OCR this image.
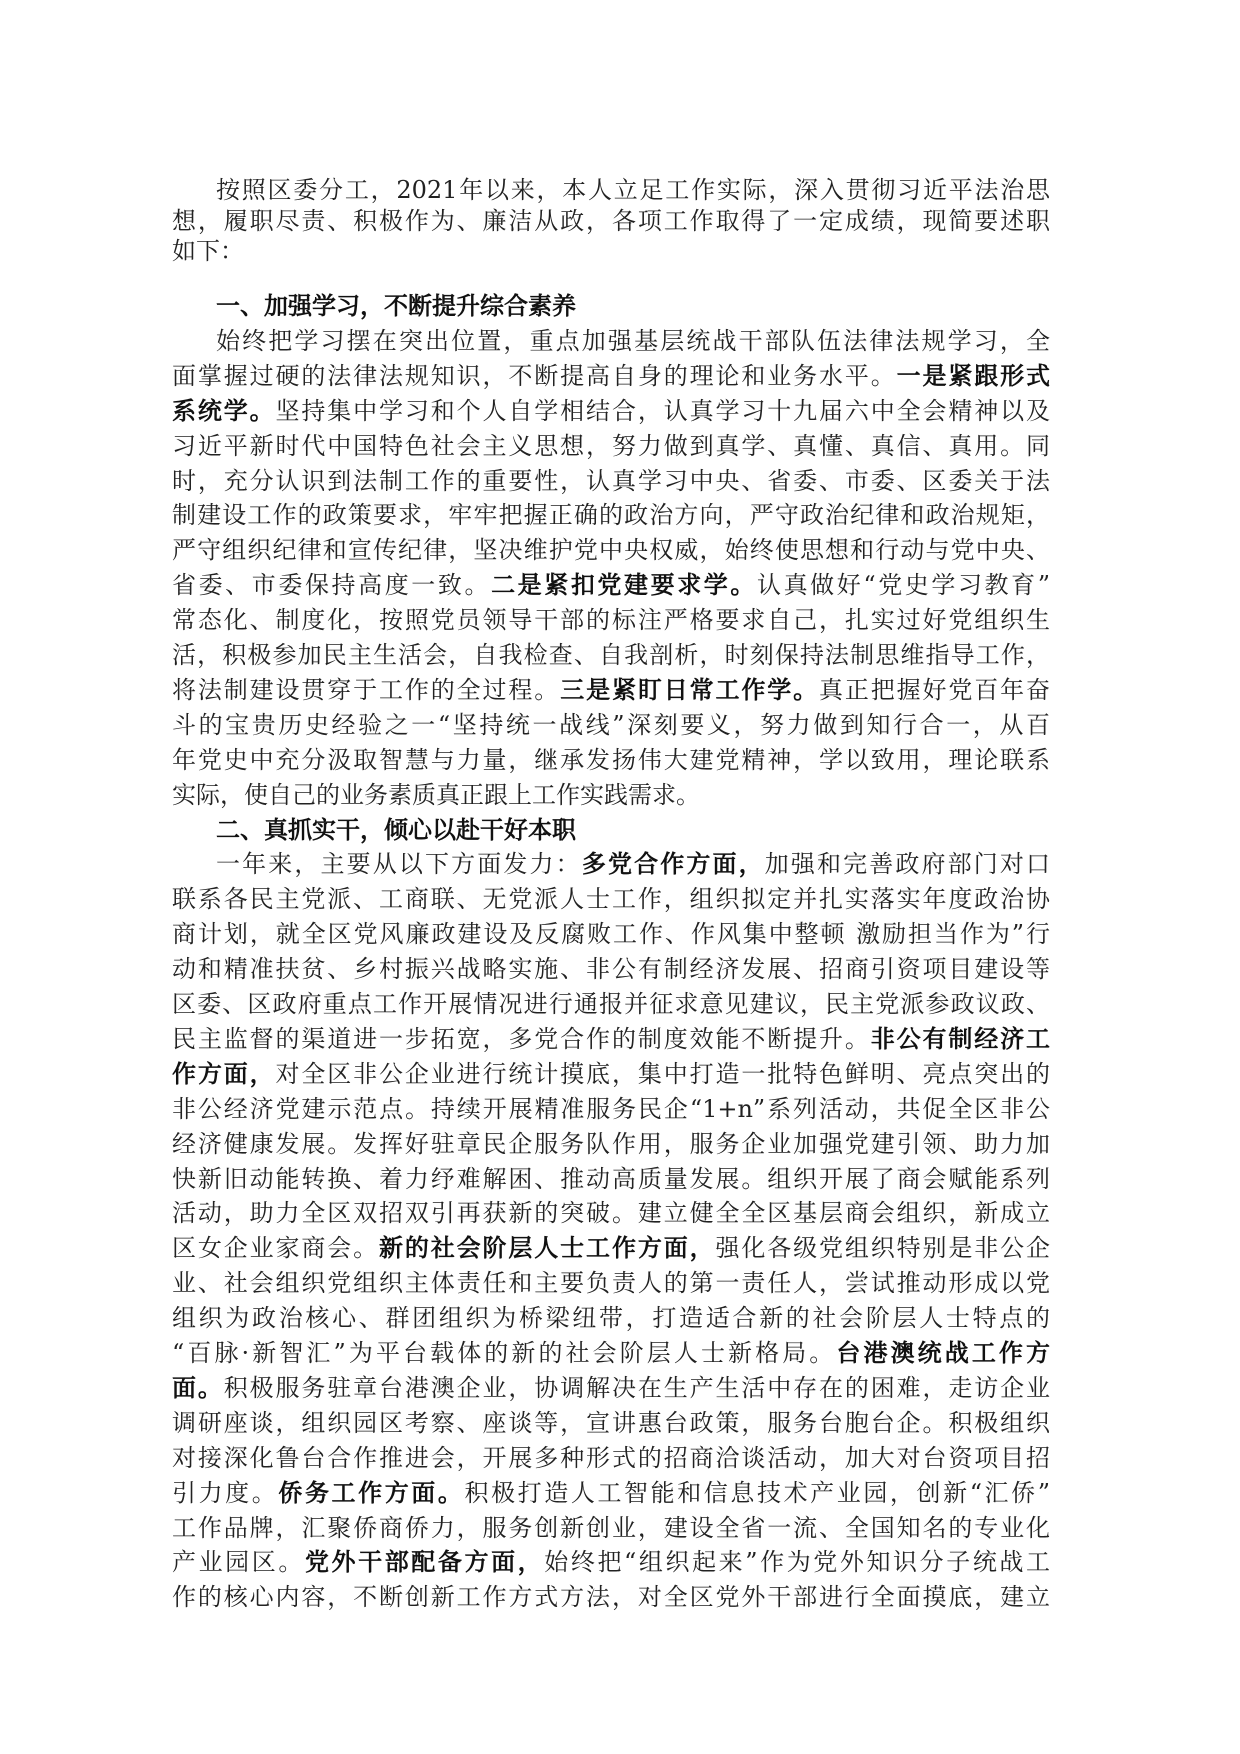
按照区委分工，2021年以来，本人立足工作实际，深入贯彻习近平法治思
想，履职尽责、积极作为、廉洁从政，各项工作取得了一定成绩，现简要述职
如下：
一、加强学习，不断提升综合素养
始终把学习摆在突出位置，重点加强基层统战干部队伍法律法规学习，全
面掌握过硬的法律法规知识，不断提高自身的理论和业务水平。一是紧跟形式
系统学。坚持集中学习和个人自学相结合，认真学习十九届六中全会精神以及
习近平新时代中国特色社会主义思想，努力做到真学、真懂、真信、真用。同
时，充分认识到法制工作的重要性，认真学习中央、省委、市委、区委关于法
制建设工作的政策要求，牢牢把握正确的政治方向，严守政治纪律和政治规矩，
严守组织纪律和宣传纪律，坚决维护党中央权威，始终使思想和行动与党中央、
省委、市委保持高度一致。二是紧扣党建要求学。认真做好“党史学习教育”
常态化、制度化，按照党员领导干部的标注严格要求自己，扎实过好党组织生
活，积极参加民主生活会，自我检查、自我剖析，时刻保持法制思维指导工作，
将法制建设贯穿于工作的全过程。三是紧盯日常工作学。真正把握好党百年奋
斗的宝贵历史经验之一“坚持统一战线”深刻要义，努力做到知行合一，从百
年党史中充分汲取智慧与力量，继承发扬伟大建党精神，学以致用，理论联系
实际，使自己的业务素质真正跟上工作实践需求。
二、真抓实干，倾心以赴干好本职
一年来，主要从以下方面发力：多党合作方面，加强和完善政府部门对口
联系各民主党派、工商联、无党派人士工作，组织拟定并扎实落实年度政治协
商计划，就全区党风廉政建设及反腐败工作、作风集中整顿 激励担当作为”行
动和精准扶贫、乡村振兴战略实施、非公有制经济发展、招商引资项目建设等
区委、区政府重点工作开展情况进行通报并征求意见建议，民主党派参政议政、
民主监督的渠道进一步拓宽，多党合作的制度效能不断提升。非公有制经济工
作方面，对全区非公企业进行统计摸底，集中打造一批特色鲜明、亮点突出的
非公经济党建示范点。持续开展精准服务民企“1+n”系列活动，共促全区非公
经济健康发展。发挥好驻章民企服务队作用，服务企业加强党建引领、助力加
快新旧动能转换、着力纾难解困、推动高质量发展。组织开展了商会赋能系列
活动，助力全区双招双引再获新的突破。建立健全全区基层商会组织，新成立
区女企业家商会。新的社会阶层人士工作方面，强化各级党组织特别是非公企
业、社会组织党组织主体责任和主要负责人的第一责任人，尝试推动形成以党
组织为政治核心、群团组织为桥梁纽带，打造适合新的社会阶层人士特点的
“百脉·新智汇”为平台载体的新的社会阶层人士新格局。台港澳统战工作方
面。积极服务驻章台港澳企业，协调解决在生产生活中存在的困难，走访企业
调研座谈，组织园区考察、座谈等，宣讲惠台政策，服务台胞台企。积极组织
对接深化鲁台合作推进会，开展多种形式的招商洽谈活动，加大对台资项目招
引力度。侨务工作方面。积极打造人工智能和信息技术产业园，创新“汇侨”
工作品牌，汇聚侨商侨力，服务创新创业，建设全省一流、全国知名的专业化
产业园区。党外干部配备方面，始终把“组织起来”作为党外知识分子统战工
作的核心内容，不断创新工作方式方法，对全区党外干部进行全面摸底，建立
